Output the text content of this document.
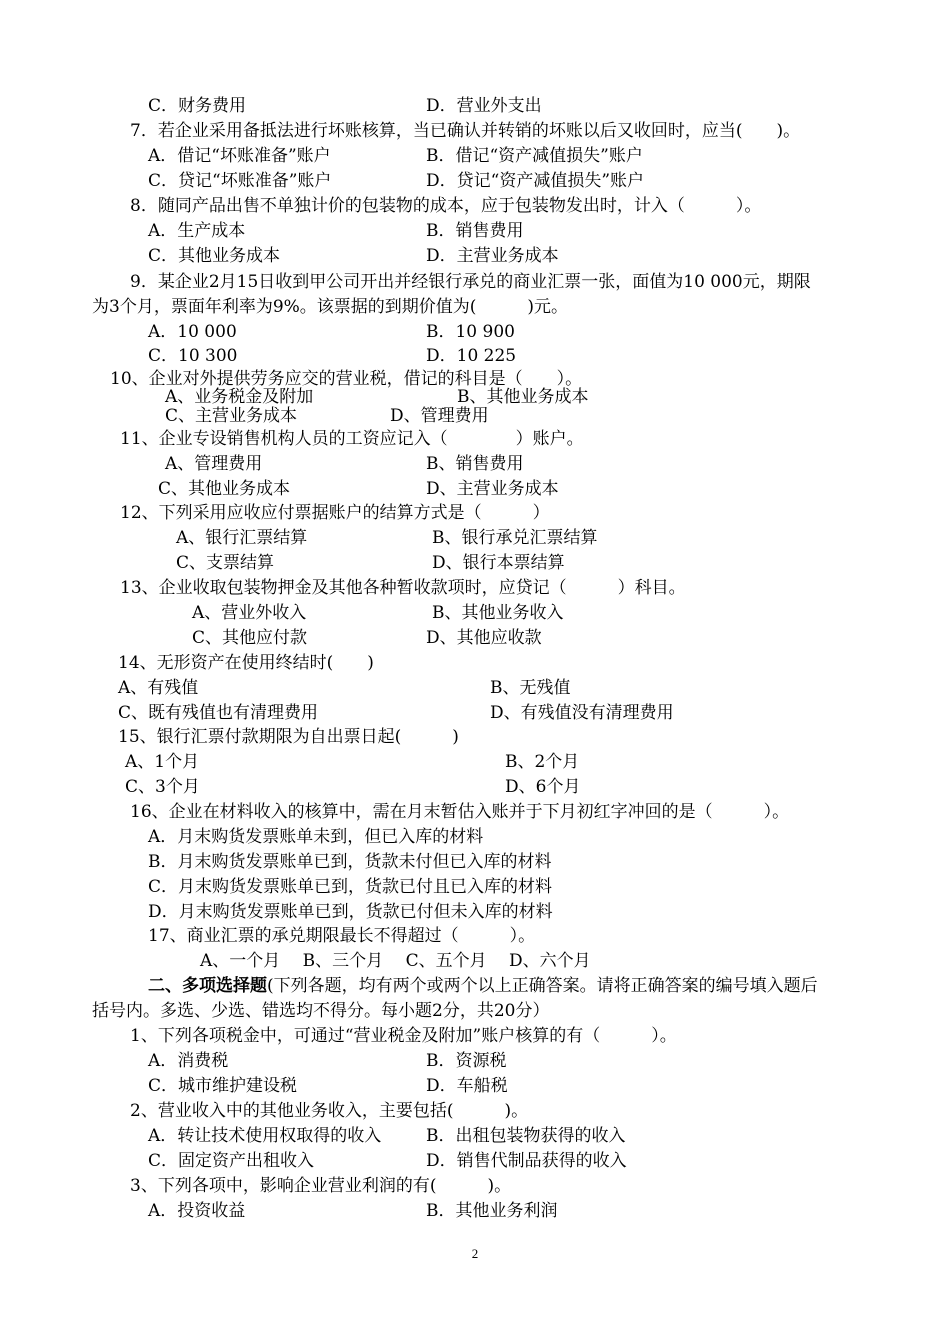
C．财务费用	D．营业外支出
7．若企业采用备抵法进行坏账核算，当已确认并转销的坏账以后又收回时，应当(　　)。
A．借记“坏账准备”账户	B．借记“资产减值损失”账户
C．贷记“坏账准备”账户	D．贷记“资产减值损失”账户
8．随同产品出售不单独计价的包装物的成本，应于包装物发出时，计入（　　　）。
A．生产成本	B．销售费用
C．其他业务成本	D．主营业务成本
9．某企业2月15日收到甲公司开出并经银行承兑的商业汇票一张，面值为10 000元，期限
为3个月，票面年利率为9%。该票据的到期价值为(　　　)元。
A．10 000	B．10 900
C．10 300	D．10 225
10、企业对外提供劳务应交的营业税，借记的科目是（　　）。
A、业务税金及附加	B、其他业务成本
C、主营业务成本	D、管理费用
11、企业专设销售机构人员的工资应记入（　　　　）账户。
A、管理费用	B、销售费用
C、其他业务成本	D、主营业务成本
12、下列采用应收应付票据账户的结算方式是（　　　）
A、银行汇票结算	B、银行承兑汇票结算
C、支票结算	D、银行本票结算
13、企业收取包装物押金及其他各种暂收款项时，应贷记（　　　）科目。
A、营业外收入	B、其他业务收入
C、其他应付款	D、其他应收款
14、无形资产在使用终结时(　　)
A、有残值	B、无残值
C、既有残值也有清理费用	D、有残值没有清理费用
15、银行汇票付款期限为自出票日起(　　　)
A、1个月	B、2个月
C、3个月	D、6个月
16、企业在材料收入的核算中，需在月末暂估入账并于下月初红字冲回的是（　　　）。
A．月末购货发票账单未到，但已入库的材料
B．月末购货发票账单已到，货款未付但已入库的材料
C．月末购货发票账单已到，货款已付且已入库的材料
D．月末购货发票账单已到，货款已付但未入库的材料
17、商业汇票的承兑期限最长不得超过（　　　）。
A、一个月　 B、三个月　 C、五个月　 D、六个月
括号内。多选、少选、错选均不得分。每小题2分，共20分）
1、下列各项税金中，可通过“营业税金及附加”账户核算的有（　　　）。
A．消费税	B．资源税
C．城市维护建设税	D．车船税
2、营业收入中的其他业务收入，主要包括(　　　)。
A．转让技术使用权取得的收入	B．出租包装物获得的收入
C．固定资产出租收入	D．销售代制品获得的收入
3、下列各项中，影响企业营业利润的有(　　　)。
A．投资收益	B．其他业务利润
二、多项选择题(下列各题，均有两个或两个以上正确答案。请将正确答案的编号填入题后
2
